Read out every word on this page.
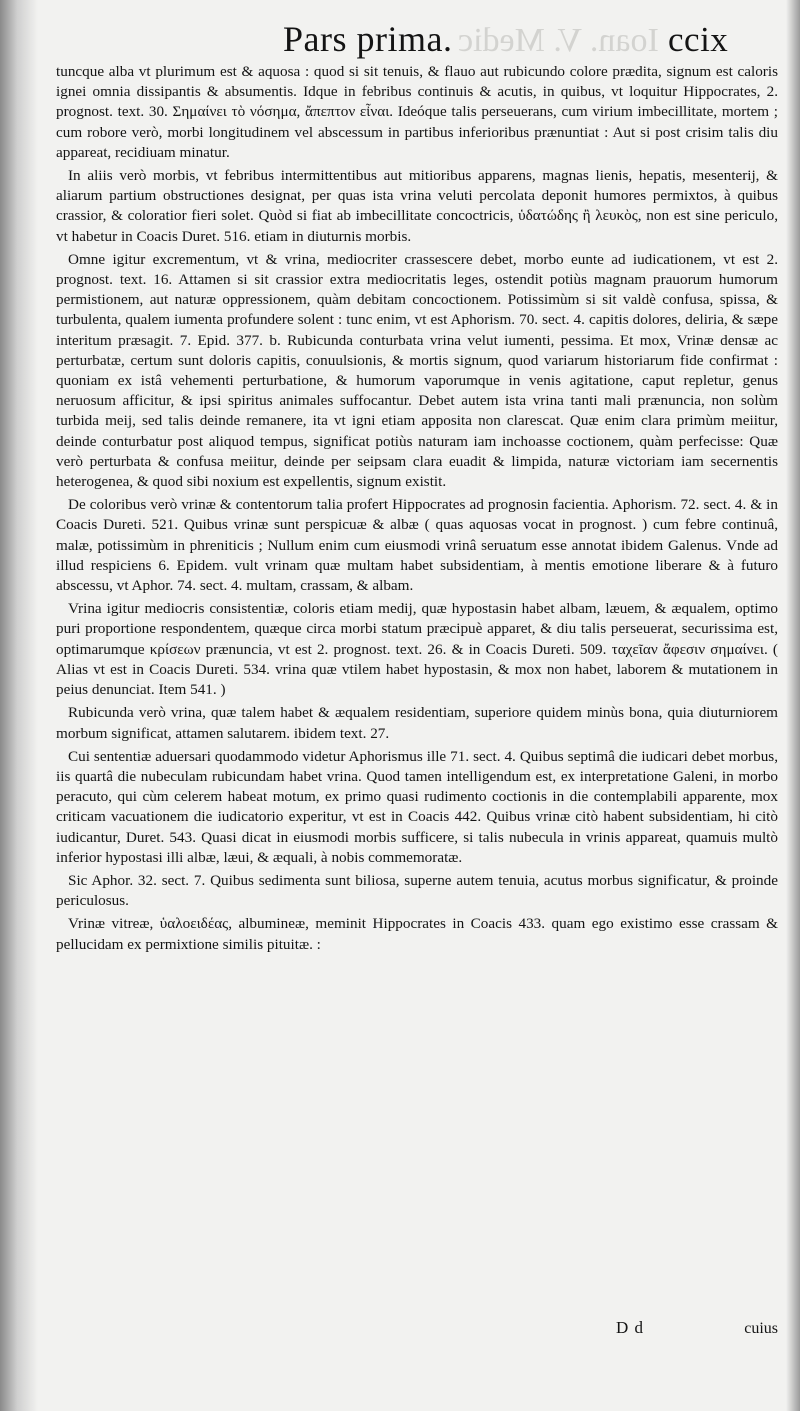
Ioan. V. Medic
Pars prima.	ccix

tuncque alba vt plurimum est & aquosa : quod si sit tenuis, & flauo aut rubicundo colore prædita, signum est caloris ignei omnia dissipantis & absumentis. Idque in febribus continuis & acutis, in quibus, vt loquitur Hippocrates, 2. prognost. text. 30. Σημαίνει τὸ νόσημα, ἄπεπτον εἶναι. Ideóque talis perseuerans, cum virium imbecillitate, mortem ; cum robore verò, morbi longitudinem vel abscessum in partibus inferioribus prænuntiat : Aut si post crisim talis diu appareat, recidiuam minatur.

In aliis verò morbis, vt febribus intermittentibus aut mitioribus apparens, magnas lienis, hepatis, mesenterij, & aliarum partium obstructiones designat, per quas ista vrina veluti percolata deponit humores permixtos, à quibus crassior, & coloratior fieri solet. Quòd si fiat ab imbecillitate concoctricis, ὑδατώδης ἢ λευκὸς, non est sine periculo, vt habetur in Coacis Duret. 516. etiam in diuturnis morbis.

Omne igitur excrementum, vt & vrina, mediocriter crassescere debet, morbo eunte ad iudicationem, vt est 2. prognost. text. 16. Attamen si sit crassior extra mediocritatis leges, ostendit potiùs magnam prauorum humorum permistionem, aut naturæ oppressionem, quàm debitam concoctionem. Potissimùm si sit valdè confusa, spissa, & turbulenta, qualem iumenta profundere solent : tunc enim, vt est Aphorism. 70. sect. 4. capitis dolores, deliria, & sæpe interitum præsagit. 7. Epid. 377. b. Rubicunda conturbata vrina velut iumenti, pessima. Et mox, Vrinæ densæ ac perturbatæ, certum sunt doloris capitis, conuulsionis, & mortis signum, quod variarum historiarum fide confirmat : quoniam ex istâ vehementi perturbatione, & humorum vaporumque in venis agitatione, caput repletur, genus neruosum afficitur, & ipsi spiritus animales suffocantur. Debet autem ista vrina tanti mali prænuncia, non solùm turbida meij, sed talis deinde remanere, ita vt igni etiam apposita non clarescat. Quæ enim clara primùm meiitur, deinde conturbatur post aliquod tempus, significat potiùs naturam iam inchoasse coctionem, quàm perfecisse: Quæ verò perturbata & confusa meiitur, deinde per seipsam clara euadit & limpida, naturæ victoriam iam secernentis heterogenea, & quod sibi noxium est expellentis, signum existit.

De coloribus verò vrinæ & contentorum talia profert Hippocrates ad prognosin facientia. Aphorism. 72. sect. 4. & in Coacis Dureti. 521. Quibus vrinæ sunt perspicuæ & albæ ( quas aquosas vocat in prognost. ) cum febre continuâ, malæ, potissimùm in phreniticis ; Nullum enim cum eiusmodi vrinâ seruatum esse annotat ibidem Galenus. Vnde ad illud respiciens 6. Epidem. vult vrinam quæ multam habet subsidentiam, à mentis emotione liberare & à futuro abscessu, vt Aphor. 74. sect. 4. multam, crassam, & albam.

Vrina igitur mediocris consistentiæ, coloris etiam medij, quæ hypostasin habet albam, læuem, & æqualem, optimo puri proportione respondentem, quæque circa morbi statum præcipuè apparet, & diu talis perseuerat, securissima est, optimarumque κρίσεων prænuncia, vt est 2. prognost. text. 26. & in Coacis Dureti. 509. ταχεῖαν ἄφεσιν σημαίνει. ( Alias vt est in Coacis Dureti. 534. vrina quæ vtilem habet hypostasin, & mox non habet, laborem & mutationem in peius denunciat. Item 541. )

Rubicunda verò vrina, quæ talem habet & æqualem residentiam, superiore quidem minùs bona, quia diuturniorem morbum significat, attamen salutarem. ibidem text. 27.

Cui sententiæ aduersari quodammodo videtur Aphorismus ille 71. sect. 4. Quibus septimâ die iudicari debet morbus, iis quartâ die nubeculam rubicundam habet vrina. Quod tamen intelligendum est, ex interpretatione Galeni, in morbo peracuto, qui cùm celerem habeat motum, ex primo quasi rudimento coctionis in die contemplabili apparente, mox criticam vacuationem die iudicatorio experitur, vt est in Coacis 442. Quibus vrinæ citò habent subsidentiam, hi citò iudicantur, Duret. 543. Quasi dicat in eiusmodi morbis sufficere, si talis nubecula in vrinis appareat, quamuis multò inferior hypostasi illi albæ, læui, & æquali, à nobis commemoratæ.

Sic Aphor. 32. sect. 7. Quibus sedimenta sunt biliosa, superne autem tenuia, acutus morbus significatur, & proinde periculosus.

Vrinæ vitreæ, ὑαλοειδέας, albumineæ, meminit Hippocrates in Coacis 433. quam ego existimo esse crassam & pellucidam ex permixtione similis pituitæ. :

D d	cuius
